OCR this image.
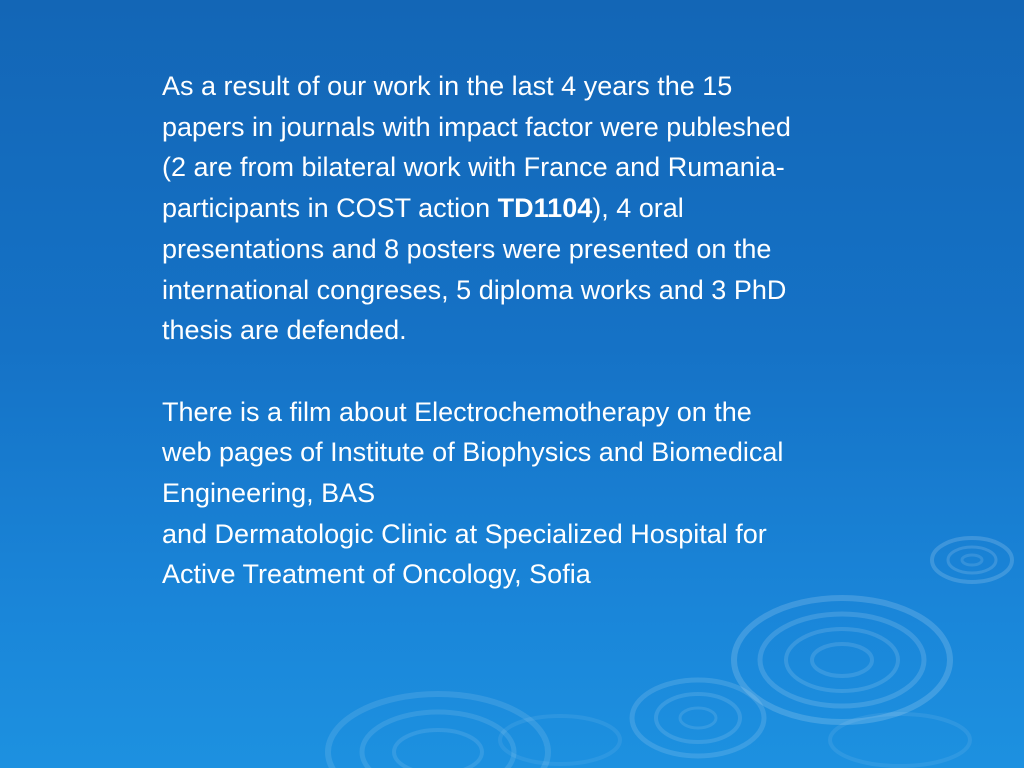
As a result of our work in the last 4 years the 15
papers in journals with impact factor were publeshed
(2 are from bilateral work with France and Rumania-
participants in COST action TD1104), 4 oral
presentations and 8 posters were presented on the
international congreses, 5 diploma works and 3 PhD
thesis are defended.

There is a film about Electrochemotherapy on the
web pages of Institute of Biophysics and Biomedical
Engineering, BAS
and Dermatologic Clinic at Specialized Hospital for
Active Treatment of Oncology, Sofia
